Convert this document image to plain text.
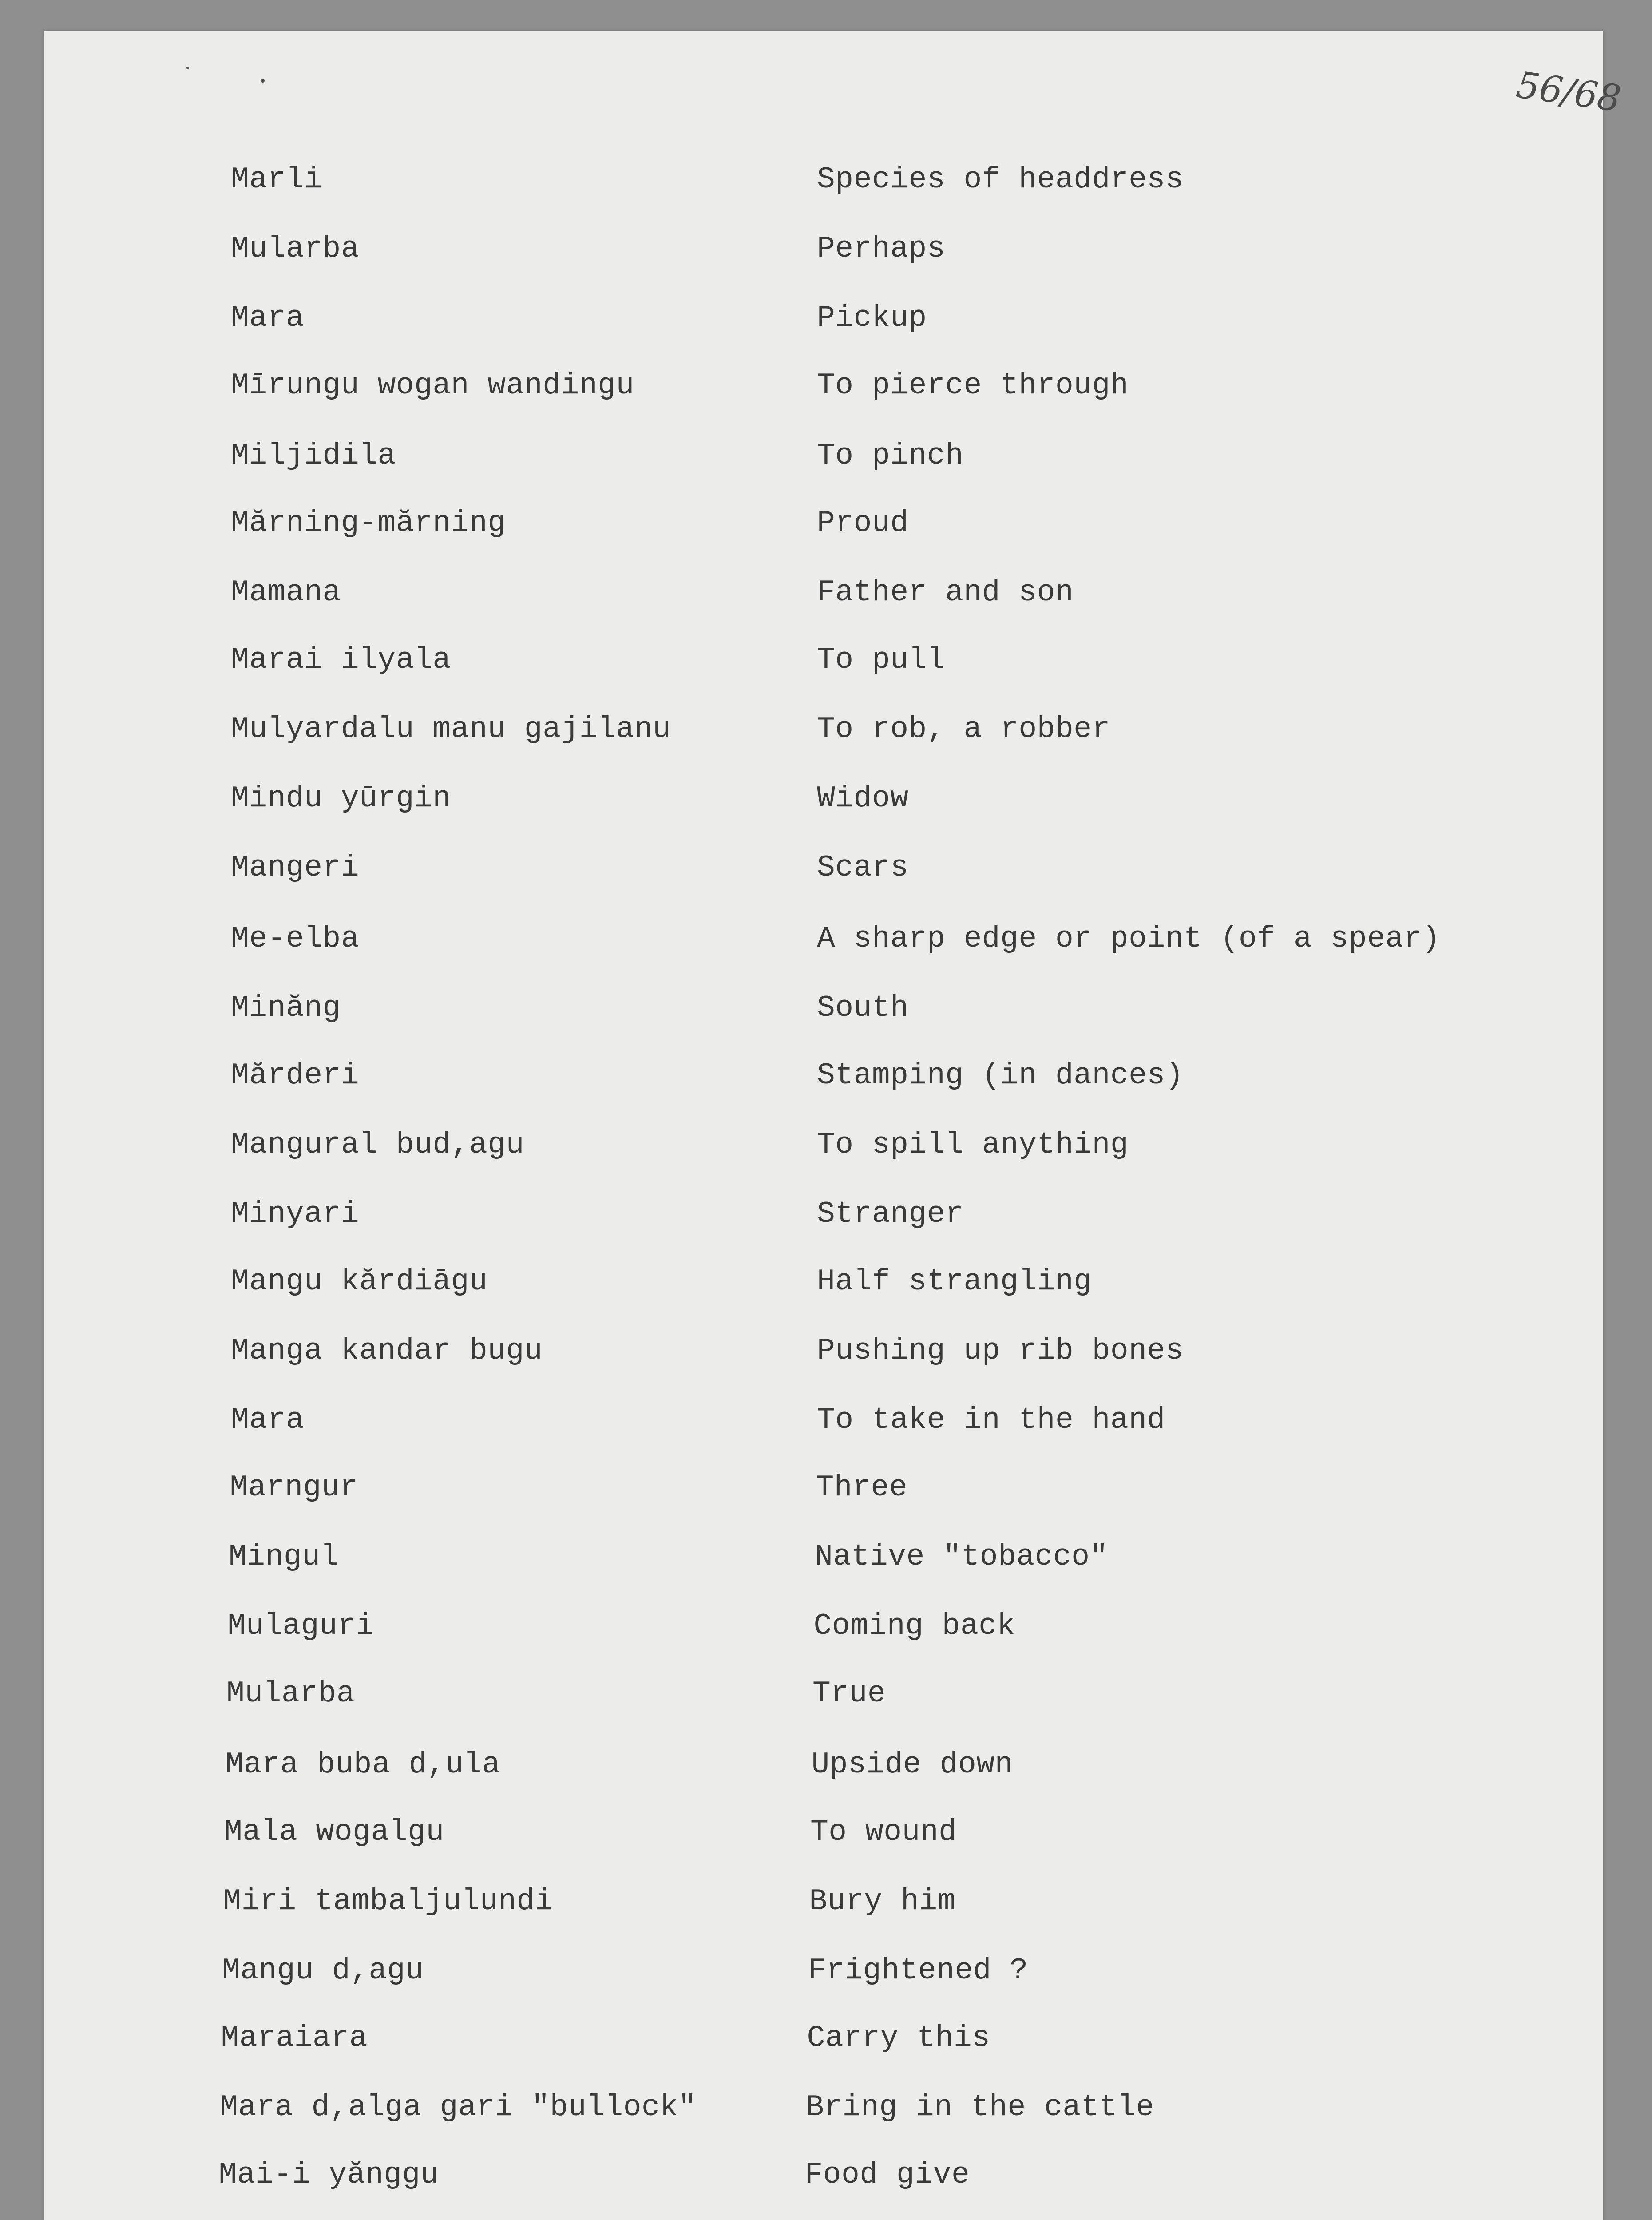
56/68
Marli	Species of headdress
Mularba	Perhaps
Mara	Pickup
Mīrungu wogan wandingu	To pierce through
Miljidila	To pinch
Mărning-mărning	Proud
Mamana	Father and son
Marai ilyala	To pull
Mulyardalu manu gajilanu	To rob, a robber
Mindu yūrgin	Widow
Mangeri	Scars
Me-elba	A sharp edge or point (of a spear)
Minăng	South
Mărderi	Stamping (in dances)
Mangural bud,agu	To spill anything
Minyari	Stranger
Mangu kărdiāgu	Half strangling
Manga kandar bugu	Pushing up rib bones
Mara	To take in the hand
Marngur	Three
Mingul	Native "tobacco"
Mulaguri	Coming back
Mularba	True
Mara buba d,ula	Upside down
Mala wogalgu	To wound
Miri tambaljulundi	Bury him
Mangu d,agu	Frightened ?
Maraiara	Carry this
Mara d,alga gari "bullock"	Bring in the cattle
Mai-i yănggu	Food give
